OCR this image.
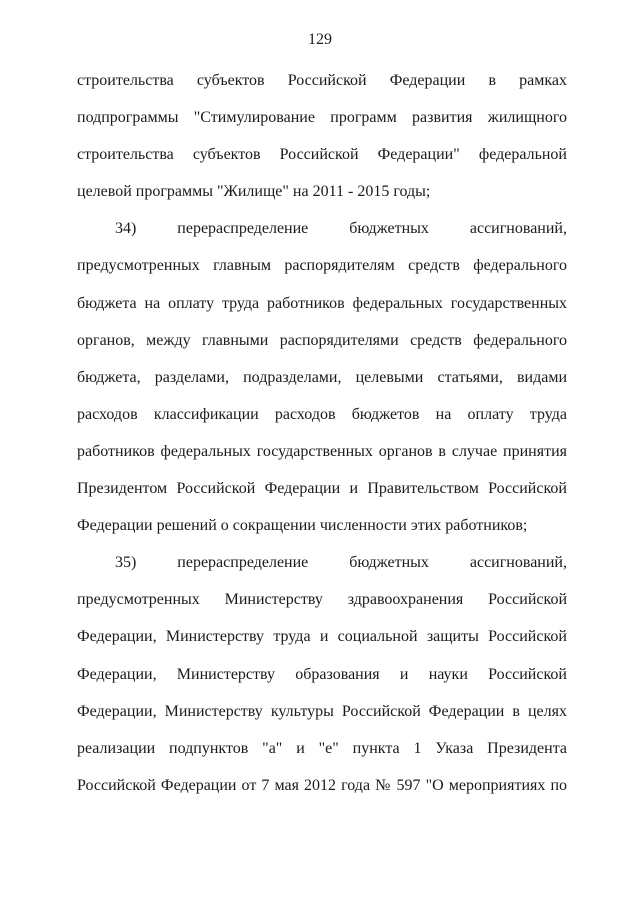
129
строительства субъектов Российской Федерации в рамках
подпрограммы "Стимулирование программ развития жилищного
строительства субъектов Российской Федерации" федеральной
целевой программы "Жилище" на 2011 - 2015 годы;
34) перераспределение бюджетных ассигнований,
предусмотренных главным распорядителям средств федерального
бюджета на оплату труда работников федеральных государственных
органов, между главными распорядителями средств федерального
бюджета, разделами, подразделами, целевыми статьями, видами
расходов классификации расходов бюджетов на оплату труда
работников федеральных государственных органов в случае принятия
Президентом Российской Федерации и Правительством Российской
Федерации решений о сокращении численности этих работников;
35) перераспределение бюджетных ассигнований,
предусмотренных Министерству здравоохранения Российской
Федерации, Министерству труда и социальной защиты Российской
Федерации, Министерству образования и науки Российской
Федерации, Министерству культуры Российской Федерации в целях
реализации подпунктов "а" и "е" пункта 1 Указа Президента
Российской Федерации от 7 мая 2012 года № 597 "О мероприятиях по
